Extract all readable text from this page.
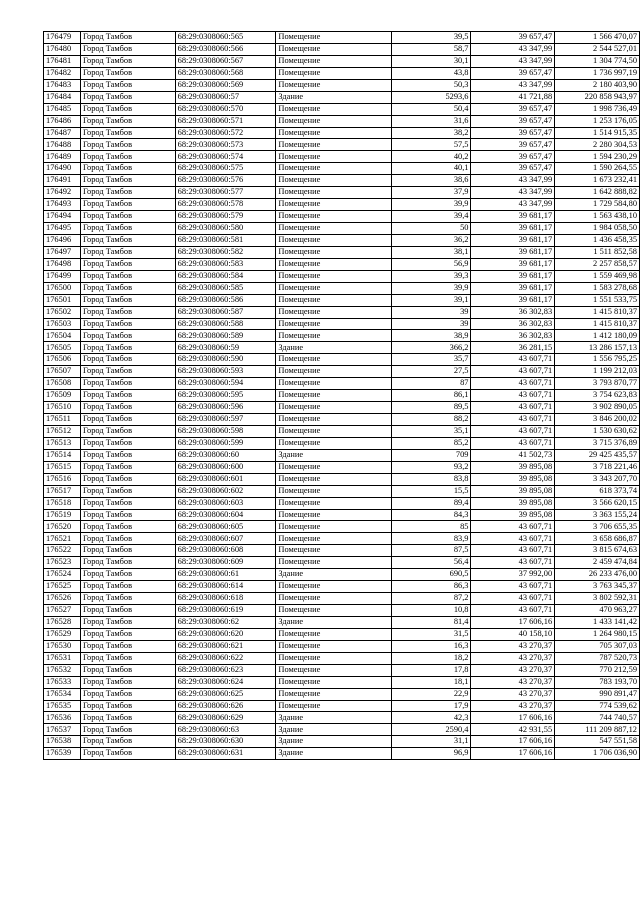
176479	Город Тамбов	68:29:0308060:565	Помещение	39,5	39 657,47	1 566 470,07
176480	Город Тамбов	68:29:0308060:566	Помещение	58,7	43 347,99	2 544 527,01
176481	Город Тамбов	68:29:0308060:567	Помещение	30,1	43 347,99	1 304 774,50
176482	Город Тамбов	68:29:0308060:568	Помещение	43,8	39 657,47	1 736 997,19
176483	Город Тамбов	68:29:0308060:569	Помещение	50,3	43 347,99	2 180 403,90
176484	Город Тамбов	68:29:0308060:57	Здание	5293,6	41 721,88	220 858 943,97
176485	Город Тамбов	68:29:0308060:570	Помещение	50,4	39 657,47	1 998 736,49
176486	Город Тамбов	68:29:0308060:571	Помещение	31,6	39 657,47	1 253 176,05
176487	Город Тамбов	68:29:0308060:572	Помещение	38,2	39 657,47	1 514 915,35
176488	Город Тамбов	68:29:0308060:573	Помещение	57,5	39 657,47	2 280 304,53
176489	Город Тамбов	68:29:0308060:574	Помещение	40,2	39 657,47	1 594 230,29
176490	Город Тамбов	68:29:0308060:575	Помещение	40,1	39 657,47	1 590 264,55
176491	Город Тамбов	68:29:0308060:576	Помещение	38,6	43 347,99	1 673 232,41
176492	Город Тамбов	68:29:0308060:577	Помещение	37,9	43 347,99	1 642 888,82
176493	Город Тамбов	68:29:0308060:578	Помещение	39,9	43 347,99	1 729 584,80
176494	Город Тамбов	68:29:0308060:579	Помещение	39,4	39 681,17	1 563 438,10
176495	Город Тамбов	68:29:0308060:580	Помещение	50	39 681,17	1 984 058,50
176496	Город Тамбов	68:29:0308060:581	Помещение	36,2	39 681,17	1 436 458,35
176497	Город Тамбов	68:29:0308060:582	Помещение	38,1	39 681,17	1 511 852,58
176498	Город Тамбов	68:29:0308060:583	Помещение	56,9	39 681,17	2 257 858,57
176499	Город Тамбов	68:29:0308060:584	Помещение	39,3	39 681,17	1 559 469,98
176500	Город Тамбов	68:29:0308060:585	Помещение	39,9	39 681,17	1 583 278,68
176501	Город Тамбов	68:29:0308060:586	Помещение	39,1	39 681,17	1 551 533,75
176502	Город Тамбов	68:29:0308060:587	Помещение	39	36 302,83	1 415 810,37
176503	Город Тамбов	68:29:0308060:588	Помещение	39	36 302,83	1 415 810,37
176504	Город Тамбов	68:29:0308060:589	Помещение	38,9	36 302,83	1 412 180,09
176505	Город Тамбов	68:29:0308060:59	Здание	366,2	36 281,15	13 286 157,13
176506	Город Тамбов	68:29:0308060:590	Помещение	35,7	43 607,71	1 556 795,25
176507	Город Тамбов	68:29:0308060:593	Помещение	27,5	43 607,71	1 199 212,03
176508	Город Тамбов	68:29:0308060:594	Помещение	87	43 607,71	3 793 870,77
176509	Город Тамбов	68:29:0308060:595	Помещение	86,1	43 607,71	3 754 623,83
176510	Город Тамбов	68:29:0308060:596	Помещение	89,5	43 607,71	3 902 890,05
176511	Город Тамбов	68:29:0308060:597	Помещение	88,2	43 607,71	3 846 200,02
176512	Город Тамбов	68:29:0308060:598	Помещение	35,1	43 607,71	1 530 630,62
176513	Город Тамбов	68:29:0308060:599	Помещение	85,2	43 607,71	3 715 376,89
176514	Город Тамбов	68:29:0308060:60	Здание	709	41 502,73	29 425 435,57
176515	Город Тамбов	68:29:0308060:600	Помещение	93,2	39 895,08	3 718 221,46
176516	Город Тамбов	68:29:0308060:601	Помещение	83,8	39 895,08	3 343 207,70
176517	Город Тамбов	68:29:0308060:602	Помещение	15,5	39 895,08	618 373,74
176518	Город Тамбов	68:29:0308060:603	Помещение	89,4	39 895,08	3 566 620,15
176519	Город Тамбов	68:29:0308060:604	Помещение	84,3	39 895,08	3 363 155,24
176520	Город Тамбов	68:29:0308060:605	Помещение	85	43 607,71	3 706 655,35
176521	Город Тамбов	68:29:0308060:607	Помещение	83,9	43 607,71	3 658 686,87
176522	Город Тамбов	68:29:0308060:608	Помещение	87,5	43 607,71	3 815 674,63
176523	Город Тамбов	68:29:0308060:609	Помещение	56,4	43 607,71	2 459 474,84
176524	Город Тамбов	68:29:0308060:61	Здание	690,5	37 992,00	26 233 476,00
176525	Город Тамбов	68:29:0308060:614	Помещение	86,3	43 607,71	3 763 345,37
176526	Город Тамбов	68:29:0308060:618	Помещение	87,2	43 607,71	3 802 592,31
176527	Город Тамбов	68:29:0308060:619	Помещение	10,8	43 607,71	470 963,27
176528	Город Тамбов	68:29:0308060:62	Здание	81,4	17 606,16	1 433 141,42
176529	Город Тамбов	68:29:0308060:620	Помещение	31,5	40 158,10	1 264 980,15
176530	Город Тамбов	68:29:0308060:621	Помещение	16,3	43 270,37	705 307,03
176531	Город Тамбов	68:29:0308060:622	Помещение	18,2	43 270,37	787 520,73
176532	Город Тамбов	68:29:0308060:623	Помещение	17,8	43 270,37	770 212,59
176533	Город Тамбов	68:29:0308060:624	Помещение	18,1	43 270,37	783 193,70
176534	Город Тамбов	68:29:0308060:625	Помещение	22,9	43 270,37	990 891,47
176535	Город Тамбов	68:29:0308060:626	Помещение	17,9	43 270,37	774 539,62
176536	Город Тамбов	68:29:0308060:629	Здание	42,3	17 606,16	744 740,57
176537	Город Тамбов	68:29:0308060:63	Здание	2590,4	42 931,55	111 209 887,12
176538	Город Тамбов	68:29:0308060:630	Здание	31,1	17 606,16	547 551,58
176539	Город Тамбов	68:29:0308060:631	Здание	96,9	17 606,16	1 706 036,90
